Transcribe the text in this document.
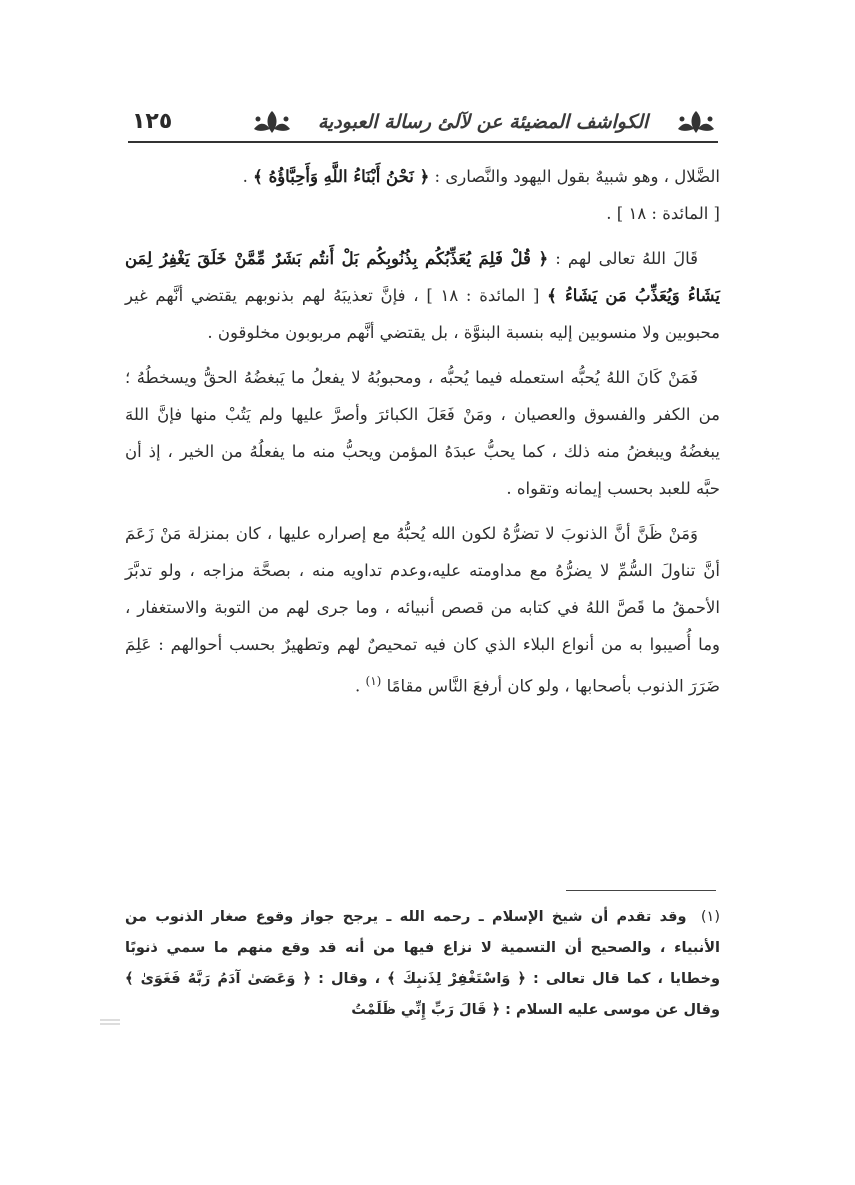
١٢٥	الكواشف المضيئة عن لآلئ رسالة العبودية

الضَّلال ، وهو شبيهٌ بقول اليهود والنَّصارى : ﴿ نَحْنُ أَبْنَاءُ اللَّهِ وَأَحِبَّاؤُهُ ﴾ .

[ المائدة : ١٨ ] .

قَالَ اللهُ تعالى لهم : ﴿ قُلْ فَلِمَ يُعَذِّبُكُم بِذُنُوبِكُم بَلْ أَنتُم بَشَرٌ مِّمَّنْ خَلَقَ يَغْفِرُ لِمَن يَشَاءُ وَيُعَذِّبُ مَن يَشَاءُ ﴾ [ المائدة : ١٨ ] ، فإنَّ تعذيبَهُ لهم بذنوبهم يقتضي أنَّهم غير محبوبين ولا منسوبين إليه بنسبة البنوَّة ، بل يقتضي أنَّهم مربوبون مخلوقون .

فَمَنْ كَانَ اللهُ يُحبُّه استعمله فيما يُحبُّه ، ومحبوبُهُ لا يفعلُ ما يَبغضُهُ الحقُّ ويسخطُهُ ؛ من الكفر والفسوق والعصيان ، ومَنْ فَعَلَ الكبائرَ وأصرَّ عليها ولم يَتُبْ منها فإنَّ اللهَ يبغضُهُ ويبغضُ منه ذلك ، كما يحبُّ عبدَهُ المؤمن ويحبُّ منه ما يفعلُهُ من الخير ، إذ أن حبَّه للعبد بحسب إيمانه وتقواه .

وَمَنْ ظَنَّ أنَّ الذنوبَ لا تضرُّهُ لكون الله يُحبُّهُ مع إصراره عليها ، كان بمنزلة مَنْ زَعَمَ أنَّ تناولَ السُّمِّ لا يضرُّهُ مع مداومته عليه،وعدم تداويه منه ، بصحَّة مزاجه ، ولو تدبَّرَ الأحمقُ ما قَصَّ اللهُ في كتابه من قصص أنبيائه ، وما جرى لهم من التوبة والاستغفار ، وما أُصيبوا به من أنواع البلاء الذي كان فيه تمحيصٌ لهم وتطهيرٌ بحسب أحوالهم : عَلِمَ ضَرَرَ الذنوب بأصحابها ، ولو كان أرفعَ النَّاس مقامًا $^{(١)}$ .

(١) وقد تقدم أن شيخ الإسلام ـ رحمه الله ـ يرجح جواز وقوع صغار الذنوب من الأنبياء ، والصحيح أن التسمية لا نزاع فيها من أنه قد وقع منهم ما سمي ذنوبًا وخطايا ، كما قال تعالى : ﴿ وَاسْتَغْفِرْ لِذَنبِكَ ﴾ ، وقال : ﴿ وَعَصَىٰ آدَمُ رَبَّهُ فَغَوَىٰ ﴾ وقال عن موسى عليه السلام : ﴿ قَالَ رَبِّ إِنِّي ظَلَمْتُ
